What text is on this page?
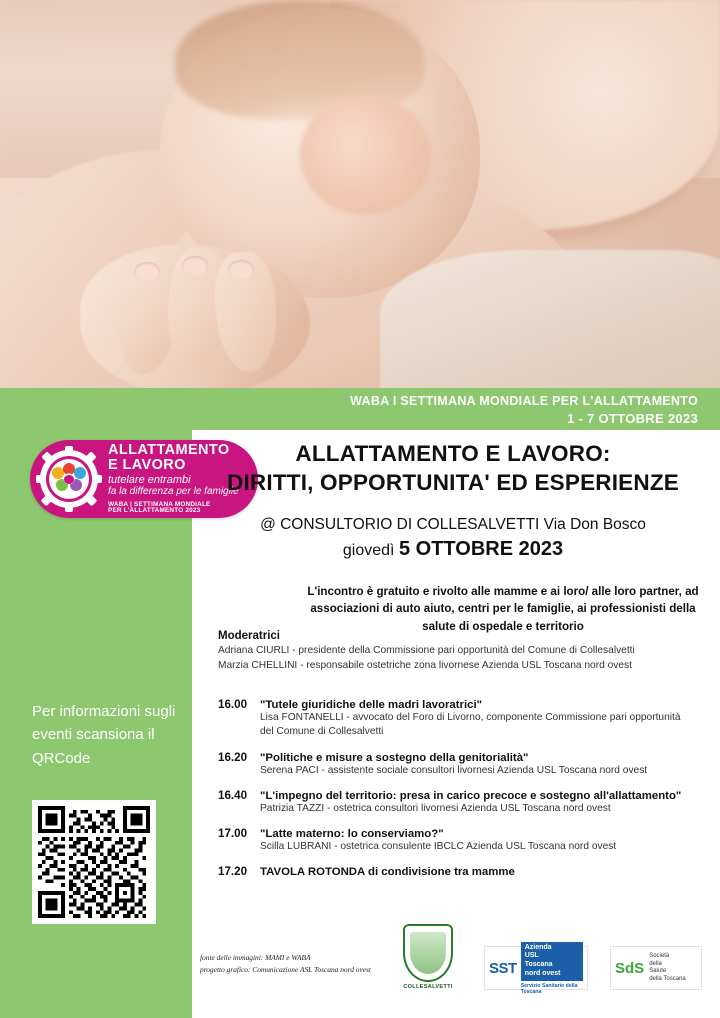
WABA I SETTIMANA MONDIALE PER L'ALLATTAMENTO
1 - 7 OTTOBRE 2023
ALLATTAMENTO
E LAVORO
tutelare entrambi
fa la differenza per le famiglie
WABA | SETTIMANA MONDIALE
PER L'ALLATTAMENTO 2023
ALLATTAMENTO E LAVORO:
DIRITTI, OPPORTUNITA' ED ESPERIENZE
@ CONSULTORIO DI COLLESALVETTI Via Don Bosco
giovedì 5 OTTOBRE 2023
L'incontro è gratuito e rivolto alle mamme e ai loro/ alle loro partner, ad associazioni di auto aiuto, centri per le famiglie, ai professionisti della salute di ospedale e territorio
Moderatrici
Adriana CIURLI - presidente della Commissione pari opportunità del Comune di Collesalvetti
Marzia CHELLINI - responsabile ostetriche zona livornese Azienda USL Toscana nord ovest
16.00	"Tutele giuridiche delle madri lavoratrici"
Lisa FONTANELLI - avvocato del Foro di Livorno, componente Commissione pari opportunità
del Comune di Collesalvetti
16.20	"Politiche e misure a sostegno della genitorialità"
Serena PACI - assistente sociale consultori livornesi Azienda USL Toscana nord ovest
16.40	"L'impegno del territorio: presa in carico precoce e sostegno all'allattamento"
Patrizia TAZZI - ostetrica consultori livornesi Azienda USL Toscana nord ovest
17.00	"Latte materno: lo conserviamo?"
Scilla LUBRANI - ostetrica consulente IBCLC Azienda USL Toscana nord ovest
17.20	TAVOLA ROTONDA di condivisione tra mamme
Per informazioni sugli eventi scansiona il QRCode
fonte delle immagini: MAMI e WABA
progetto grafico: Comunicazione ASL Toscana nord ovest
COLLESALVETTI
SST
Azienda
USL
Toscana
nord ovest
Servizio Sanitario della Toscana
SdS
Società
della
Salute
della Toscana
